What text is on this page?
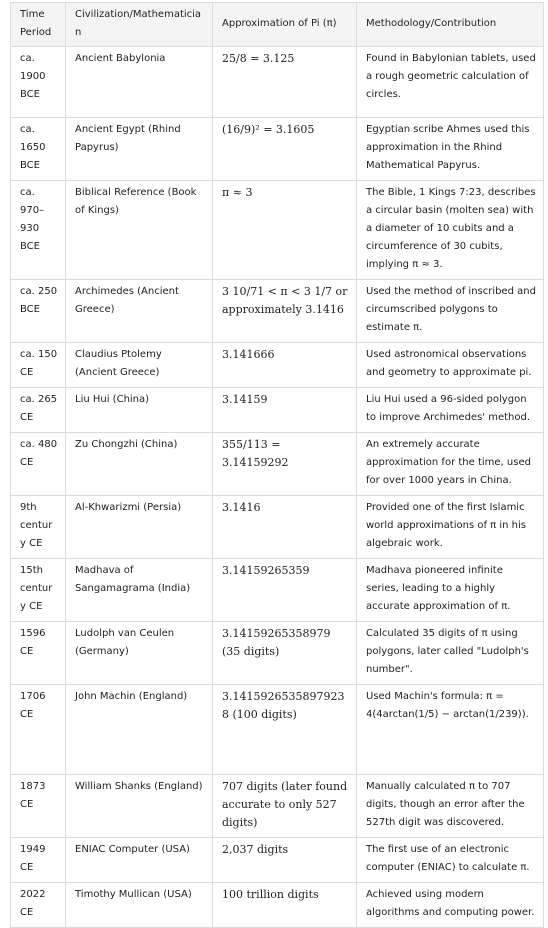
Time Period	Civilization/Mathematician	Approximation of Pi (π)	Methodology/Contribution
ca. 1900 BCE	Ancient Babylonia	25/8 = 3.125	Found in Babylonian tablets, used a rough geometric calculation of circles.
ca. 1650 BCE	Ancient Egypt (Rhind Papyrus)	(16/9)² = 3.1605	Egyptian scribe Ahmes used this approximation in the Rhind Mathematical Papyrus.
ca. 970–930 BCE	Biblical Reference (Book of Kings)	π ≈ 3	The Bible, 1 Kings 7:23, describes a circular basin (molten sea) with a diameter of 10 cubits and a circumference of 30 cubits, implying π ≈ 3.
ca. 250 BCE	Archimedes (Ancient Greece)	3 10/71 < π < 3 1/7 or approximately 3.1416	Used the method of inscribed and circumscribed polygons to estimate π.
ca. 150 CE	Claudius Ptolemy (Ancient Greece)	3.141666	Used astronomical observations and geometry to approximate pi.
ca. 265 CE	Liu Hui (China)	3.14159	Liu Hui used a 96-sided polygon to improve Archimedes' method.
ca. 480 CE	Zu Chongzhi (China)	355/113 = 3.14159292	An extremely accurate approximation for the time, used for over 1000 years in China.
9th century CE	Al-Khwarizmi (Persia)	3.1416	Provided one of the first Islamic world approximations of π in his algebraic work.
15th century CE	Madhava of Sangamagrama (India)	3.14159265359	Madhava pioneered infinite series, leading to a highly accurate approximation of π.
1596 CE	Ludolph van Ceulen (Germany)	3.14159265358979 (35 digits)	Calculated 35 digits of π using polygons, later called "Ludolph's number".
1706 CE	John Machin (England)	3.14159265358979238 (100 digits)	Used Machin's formula: π = 4(4arctan(1/5) − arctan(1/239)).
1873 CE	William Shanks (England)	707 digits (later found accurate to only 527 digits)	Manually calculated π to 707 digits, though an error after the 527th digit was discovered.
1949 CE	ENIAC Computer (USA)	2,037 digits	The first use of an electronic computer (ENIAC) to calculate π.
2022 CE	Timothy Mullican (USA)	100 trillion digits	Achieved using modern algorithms and computing power.
